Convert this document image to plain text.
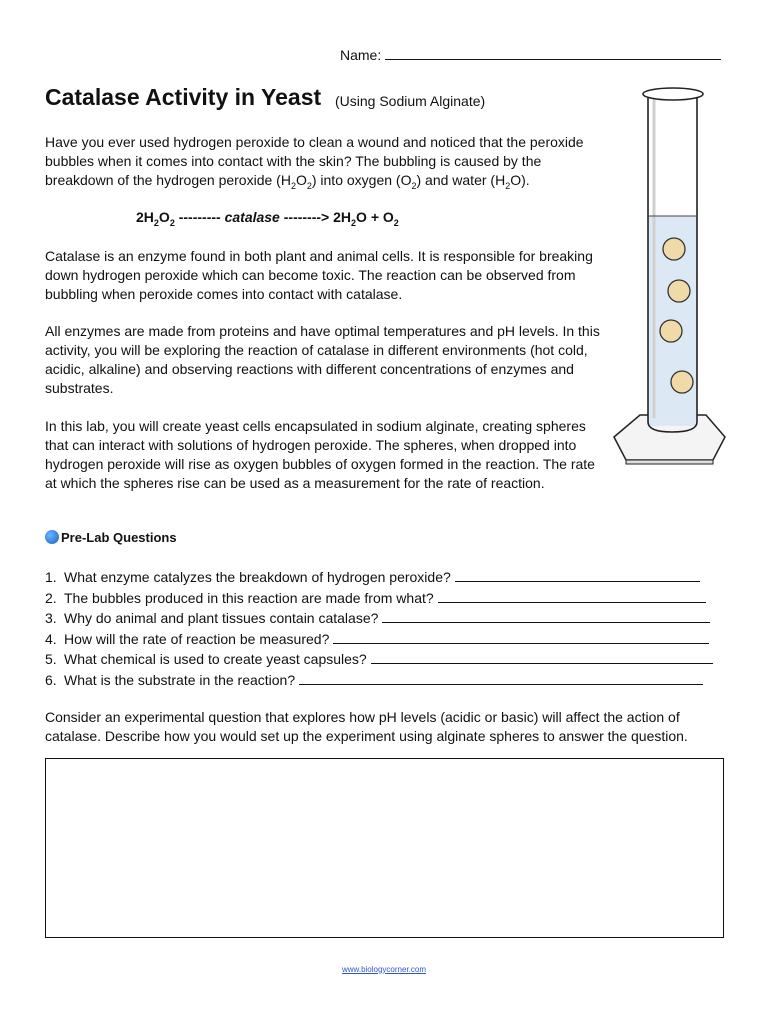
Name:
Catalase Activity in Yeast (Using Sodium Alginate)

Have you ever used hydrogen peroxide to clean a wound and noticed that the peroxide
bubbles when it comes into contact with the skin? The bubbling is caused by the
breakdown of the hydrogen peroxide $(H_2O_2)$ into oxygen $(O_2)$ and water $(H_2O)$.

$2H_2O_2$ --------- catalase --------> $2H_2O + O_2$

Catalase is an enzyme found in both plant and animal cells. It is responsible for breaking down hydrogen peroxide which can become toxic. The reaction can be observed from bubbling when peroxide comes into contact with catalase.

All enzymes are made from proteins and have optimal temperatures and pH levels. In this activity, you will be exploring the reaction of catalase in different environments (hot cold, acidic, alkaline) and observing reactions with different concentrations of enzymes and substrates.

In this lab, you will create yeast cells encapsulated in sodium alginate, creating spheres that can interact with solutions of hydrogen peroxide. The spheres, when dropped into hydrogen peroxide will rise as oxygen bubbles of oxygen formed in the reaction. The rate at which the spheres rise can be used as a measurement for the rate of reaction.

Pre-Lab Questions
1. What enzyme catalyzes the breakdown of hydrogen peroxide?
2. The bubbles produced in this reaction are made from what?
3. Why do animal and plant tissues contain catalase?
4. How will the rate of reaction be measured?
5. What chemical is used to create yeast capsules?
6. What is the substrate in the reaction?

Consider an experimental question that explores how pH levels (acidic or basic) will affect the action of catalase. Describe how you would set up the experiment using alginate spheres to answer the question.

www.biologycorner.com
